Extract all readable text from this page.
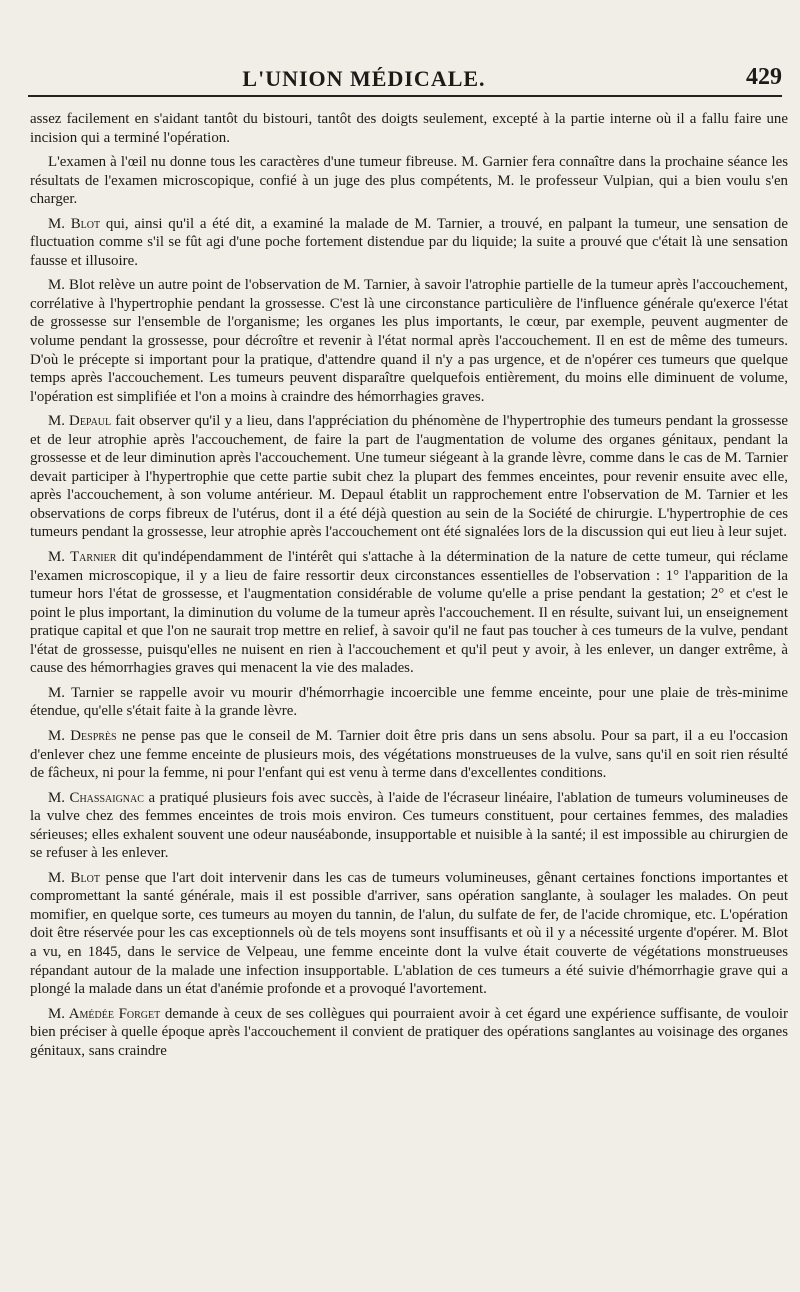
L'UNION MÉDICALE.	429

assez facilement en s'aidant tantôt du bistouri, tantôt des doigts seulement, excepté à la partie interne où il a fallu faire une incision qui a terminé l'opération.

L'examen à l'œil nu donne tous les caractères d'une tumeur fibreuse. M. Garnier fera connaître dans la prochaine séance les résultats de l'examen microscopique, confié à un juge des plus compétents, M. le professeur Vulpian, qui a bien voulu s'en charger.

M. Blot qui, ainsi qu'il a été dit, a examiné la malade de M. Tarnier, a trouvé, en palpant la tumeur, une sensation de fluctuation comme s'il se fût agi d'une poche fortement distendue par du liquide; la suite a prouvé que c'était là une sensation fausse et illusoire.

M. Blot relève un autre point de l'observation de M. Tarnier, à savoir l'atrophie partielle de la tumeur après l'accouchement, corrélative à l'hypertrophie pendant la grossesse. C'est là une circonstance particulière de l'influence générale qu'exerce l'état de grossesse sur l'ensemble de l'organisme; les organes les plus importants, le cœur, par exemple, peuvent augmenter de volume pendant la grossesse, pour décroître et revenir à l'état normal après l'accouchement. Il en est de même des tumeurs. D'où le précepte si important pour la pratique, d'attendre quand il n'y a pas urgence, et de n'opérer ces tumeurs que quelque temps après l'accouchement. Les tumeurs peuvent disparaître quelquefois entièrement, du moins elle diminuent de volume, l'opération est simplifiée et l'on a moins à craindre des hémorrhagies graves.

M. Depaul fait observer qu'il y a lieu, dans l'appréciation du phénomène de l'hypertrophie des tumeurs pendant la grossesse et de leur atrophie après l'accouchement, de faire la part de l'augmentation de volume des organes génitaux, pendant la grossesse et de leur diminution après l'accouchement. Une tumeur siégeant à la grande lèvre, comme dans le cas de M. Tarnier devait participer à l'hypertrophie que cette partie subit chez la plupart des femmes enceintes, pour revenir ensuite avec elle, après l'accouchement, à son volume antérieur. M. Depaul établit un rapprochement entre l'observation de M. Tarnier et les observations de corps fibreux de l'utérus, dont il a été déjà question au sein de la Société de chirurgie. L'hypertrophie de ces tumeurs pendant la grossesse, leur atrophie après l'accouchement ont été signalées lors de la discussion qui eut lieu à leur sujet.

M. Tarnier dit qu'indépendamment de l'intérêt qui s'attache à la détermination de la nature de cette tumeur, qui réclame l'examen microscopique, il y a lieu de faire ressortir deux circonstances essentielles de l'observation : 1° l'apparition de la tumeur hors l'état de grossesse, et l'augmentation considérable de volume qu'elle a prise pendant la gestation; 2° et c'est le point le plus important, la diminution du volume de la tumeur après l'accouchement. Il en résulte, suivant lui, un enseignement pratique capital et que l'on ne saurait trop mettre en relief, à savoir qu'il ne faut pas toucher à ces tumeurs de la vulve, pendant l'état de grossesse, puisqu'elles ne nuisent en rien à l'accouchement et qu'il peut y avoir, à les enlever, un danger extrême, à cause des hémorrhagies graves qui menacent la vie des malades.

M. Tarnier se rappelle avoir vu mourir d'hémorrhagie incoercible une femme enceinte, pour une plaie de très-minime étendue, qu'elle s'était faite à la grande lèvre.

M. Desprès ne pense pas que le conseil de M. Tarnier doit être pris dans un sens absolu. Pour sa part, il a eu l'occasion d'enlever chez une femme enceinte de plusieurs mois, des végétations monstrueuses de la vulve, sans qu'il en soit rien résulté de fâcheux, ni pour la femme, ni pour l'enfant qui est venu à terme dans d'excellentes conditions.

M. Chassaignac a pratiqué plusieurs fois avec succès, à l'aide de l'écraseur linéaire, l'ablation de tumeurs volumineuses de la vulve chez des femmes enceintes de trois mois environ. Ces tumeurs constituent, pour certaines femmes, des maladies sérieuses; elles exhalent souvent une odeur nauséabonde, insupportable et nuisible à la santé; il est impossible au chirurgien de se refuser à les enlever.

M. Blot pense que l'art doit intervenir dans les cas de tumeurs volumineuses, gênant certaines fonctions importantes et compromettant la santé générale, mais il est possible d'arriver, sans opération sanglante, à soulager les malades. On peut momifier, en quelque sorte, ces tumeurs au moyen du tannin, de l'alun, du sulfate de fer, de l'acide chromique, etc. L'opération doit être réservée pour les cas exceptionnels où de tels moyens sont insuffisants et où il y a nécessité urgente d'opérer. M. Blot a vu, en 1845, dans le service de Velpeau, une femme enceinte dont la vulve était couverte de végétations monstrueuses répandant autour de la malade une infection insupportable. L'ablation de ces tumeurs a été suivie d'hémorrhagie grave qui a plongé la malade dans un état d'anémie profonde et a provoqué l'avortement.

M. Amédée Forget demande à ceux de ses collègues qui pourraient avoir à cet égard une expérience suffisante, de vouloir bien préciser à quelle époque après l'accouchement il convient de pratiquer des opérations sanglantes au voisinage des organes génitaux, sans craindre
